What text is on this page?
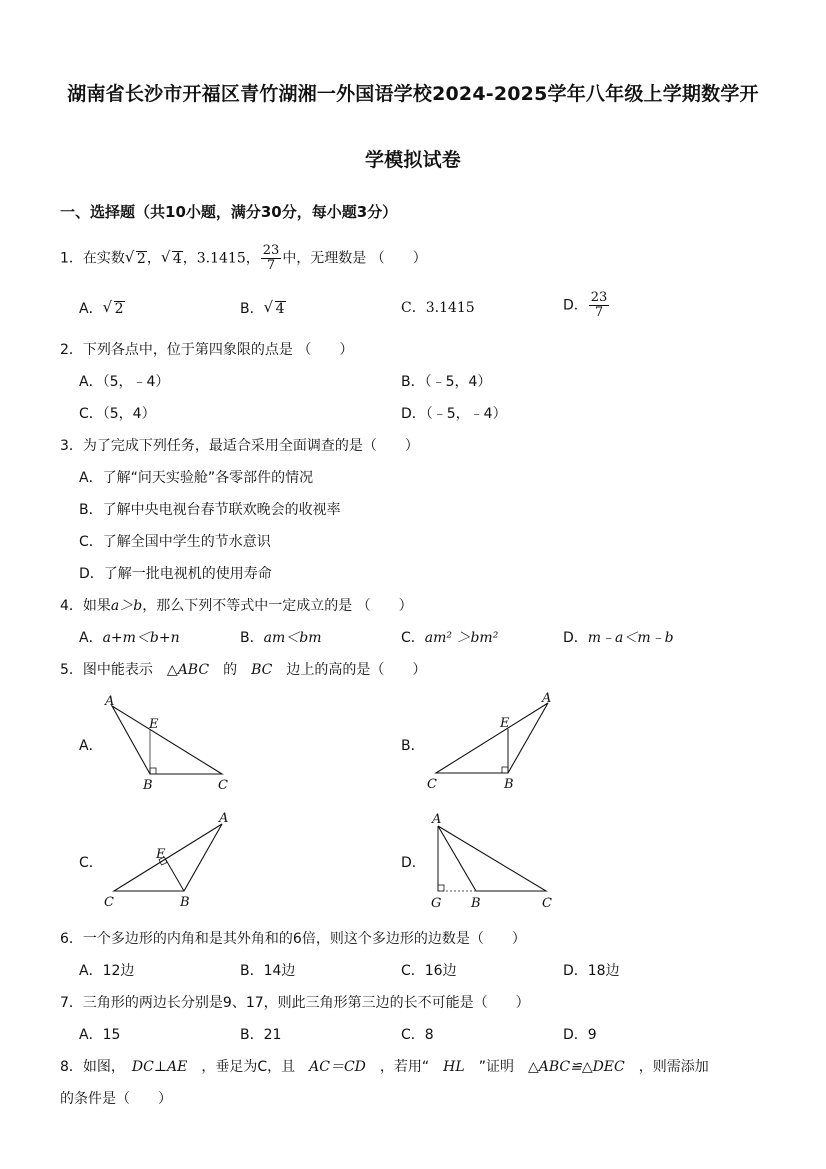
湖南省长沙市开福区青竹湖湘一外国语学校2024-2025学年八年级上学期数学开
学模拟试卷
一、选择题（共10小题，满分30分，每小题3分）
1．在实数 √ 2， √ 4，3.1415， $\frac{23}{7}$ 中，无理数是 （　　）
A． √ 2	B． √ 4	C．3.1415	D． $\frac{23}{7}$
2．下列各点中，位于第四象限的点是 （　　）
A．（5，﹣4）	B．（﹣5，4）
C．（5，4）	D．（﹣5，﹣4）
3．为了完成下列任务，最适合采用全面调查的是（　　）
A．了解“问天实验舱”各零部件的情况
B．了解中央电视台春节联欢晚会的收视率
C．了解全国中学生的节水意识
D．了解一批电视机的使用寿命
4．如果a＞b，那么下列不等式中一定成立的是 （　　）
A．a+m＜b+n	B．am＜bm	C．am² ＞bm²	D．m﹣a＜m﹣b
5．图中能表示　 △ABC　 的　 BC　 边上的高的是（　　）
A．	B．
C．	D．
A
E
B	C
A
E
B
C
A
E
B
C
A
G B	C
6．一个多边形的内角和是其外角和的6倍，则这个多边形的边数是（　　）
A．12边	B．14边	C．16边	D．18边
7．三角形的两边长分别是9、17，则此三角形第三边的长不可能是（　　）
A．15	B．21	C．8	D．9
8．如图，　 DC⊥AE　 ，垂足为C，且　 AC＝CD　 ，若用“　 HL　 ”证明　 △ABC≌△DEC　 ，则需添加
的条件是（　　）
